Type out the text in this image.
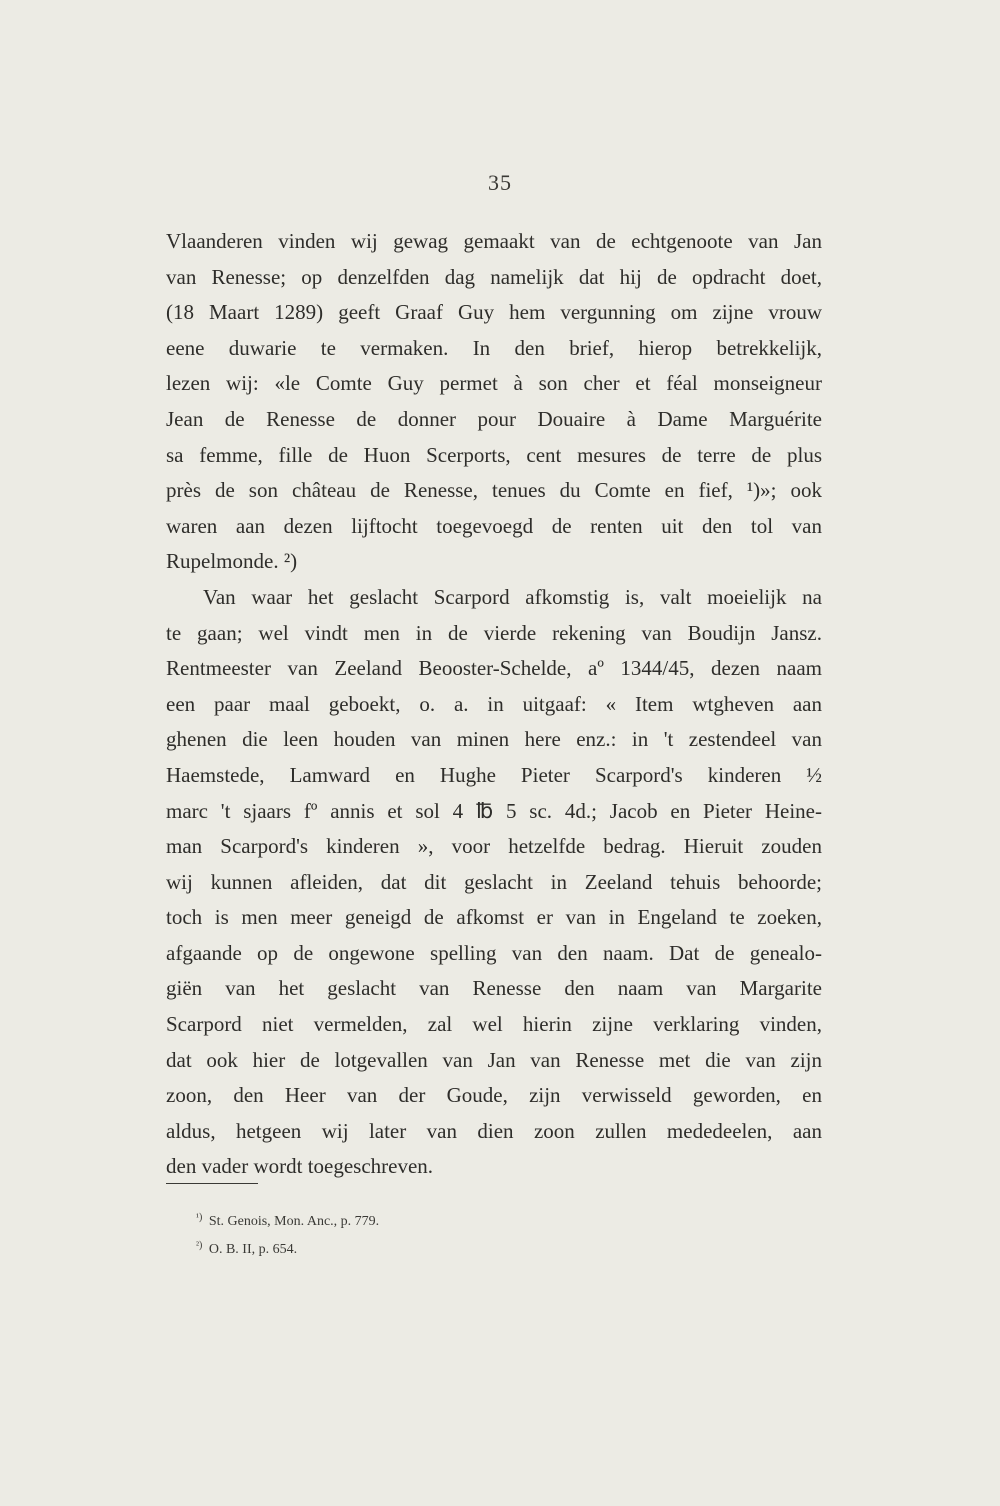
35
Vlaanderen vinden wij gewag gemaakt van de echtgenoote van Jan
van Renesse; op denzelfden dag namelijk dat hij de opdracht doet,
(18 Maart 1289) geeft Graaf Guy hem vergunning om zijne vrouw
eene duwarie te vermaken. In den brief, hierop betrekkelijk,
lezen wij: «le Comte Guy permet à son cher et féal monseigneur
Jean de Renesse de donner pour Douaire à Dame Marguérite
sa femme, fille de Huon Scerports, cent mesures de terre de plus
près de son château de Renesse, tenues du Comte en fief, ¹)»; ook
waren aan dezen lijftocht toegevoegd de renten uit den tol van
Rupelmonde. ²)
Van waar het geslacht Scarpord afkomstig is, valt moeielijk na
te gaan; wel vindt men in de vierde rekening van Boudijn Jansz.
Rentmeester van Zeeland Beooster-Schelde, aº 1344/45, dezen naam
een paar maal geboekt, o. a. in uitgaaf: « Item wtgheven aan
ghenen die leen houden van minen here enz.: in 't zestendeel van
Haemstede, Lamward en Hughe Pieter Scarpord's kinderen ½
marc 't sjaars fº annis et sol 4 ℔ 5 sc. 4d.; Jacob en Pieter Heine-
man Scarpord's kinderen », voor hetzelfde bedrag. Hieruit zouden
wij kunnen afleiden, dat dit geslacht in Zeeland tehuis behoorde;
toch is men meer geneigd de afkomst er van in Engeland te zoeken,
afgaande op de ongewone spelling van den naam. Dat de genealo-
giën van het geslacht van Renesse den naam van Margarite
Scarpord niet vermelden, zal wel hierin zijne verklaring vinden,
dat ook hier de lotgevallen van Jan van Renesse met die van zijn
zoon, den Heer van der Goude, zijn verwisseld geworden, en
aldus, hetgeen wij later van dien zoon zullen mededeelen, aan
den vader wordt toegeschreven.
$^{^1)}$ St. Genois, Mon. Anc., p. 779.
$^{^2)}$ O. B. II, p. 654.
